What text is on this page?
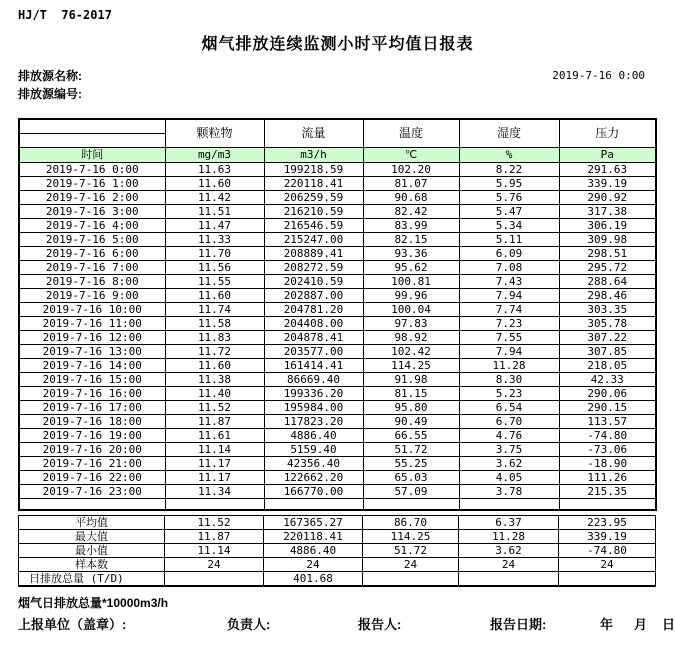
HJ/T  76-2017
烟气排放连续监测小时平均值日报表
排放源名称:
排放源编号:
2019-7-16 0:00
	颗粒物	流量	温度	湿度	压力
时间	mg/m3	m3/h	℃	%	Pa
2019-7-16 0:00	11.63	199218.59	102.20	8.22	291.63
2019-7-16 1:00	11.60	220118.41	81.07	5.95	339.19
2019-7-16 2:00	11.42	206259.59	90.68	5.76	290.92
2019-7-16 3:00	11.51	216210.59	82.42	5.47	317.38
2019-7-16 4:00	11.47	216546.59	83.99	5.34	306.19
2019-7-16 5:00	11.33	215247.00	82.15	5.11	309.98
2019-7-16 6:00	11.70	208889.41	93.36	6.09	298.51
2019-7-16 7:00	11.56	208272.59	95.62	7.08	295.72
2019-7-16 8:00	11.55	202410.59	100.81	7.43	288.64
2019-7-16 9:00	11.60	202887.00	99.96	7.94	298.46
2019-7-16 10:00	11.74	204781.20	100.04	7.74	303.35
2019-7-16 11:00	11.58	204408.00	97.83	7.23	305.78
2019-7-16 12:00	11.83	204878.41	98.92	7.55	307.22
2019-7-16 13:00	11.72	203577.00	102.42	7.94	307.85
2019-7-16 14:00	11.60	161414.41	114.25	11.28	218.05
2019-7-16 15:00	11.38	86669.40	91.98	8.30	42.33
2019-7-16 16:00	11.40	199336.20	81.15	5.23	290.06
2019-7-16 17:00	11.52	195984.00	95.80	6.54	290.15
2019-7-16 18:00	11.87	117823.20	90.49	6.70	113.57
2019-7-16 19:00	11.61	4886.40	66.55	4.76	-74.80
2019-7-16 20:00	11.14	5159.40	51.72	3.75	-73.06
2019-7-16 21:00	11.17	42356.40	55.25	3.62	-18.90
2019-7-16 22:00	11.17	122662.20	65.03	4.05	111.26
2019-7-16 23:00	11.34	166770.00	57.09	3.78	215.35

平均值	11.52	167365.27	86.70	6.37	223.95
最大值	11.87	220118.41	114.25	11.28	339.19
最小值	11.14	4886.40	51.72	3.62	-74.80
样本数	24	24	24	24	24
日排放总量 (T/D)		401.68			
烟气日排放总量*10000m3/h
上报单位（盖章）:	负责人:	报告人:	报告日期:	年 月 日
